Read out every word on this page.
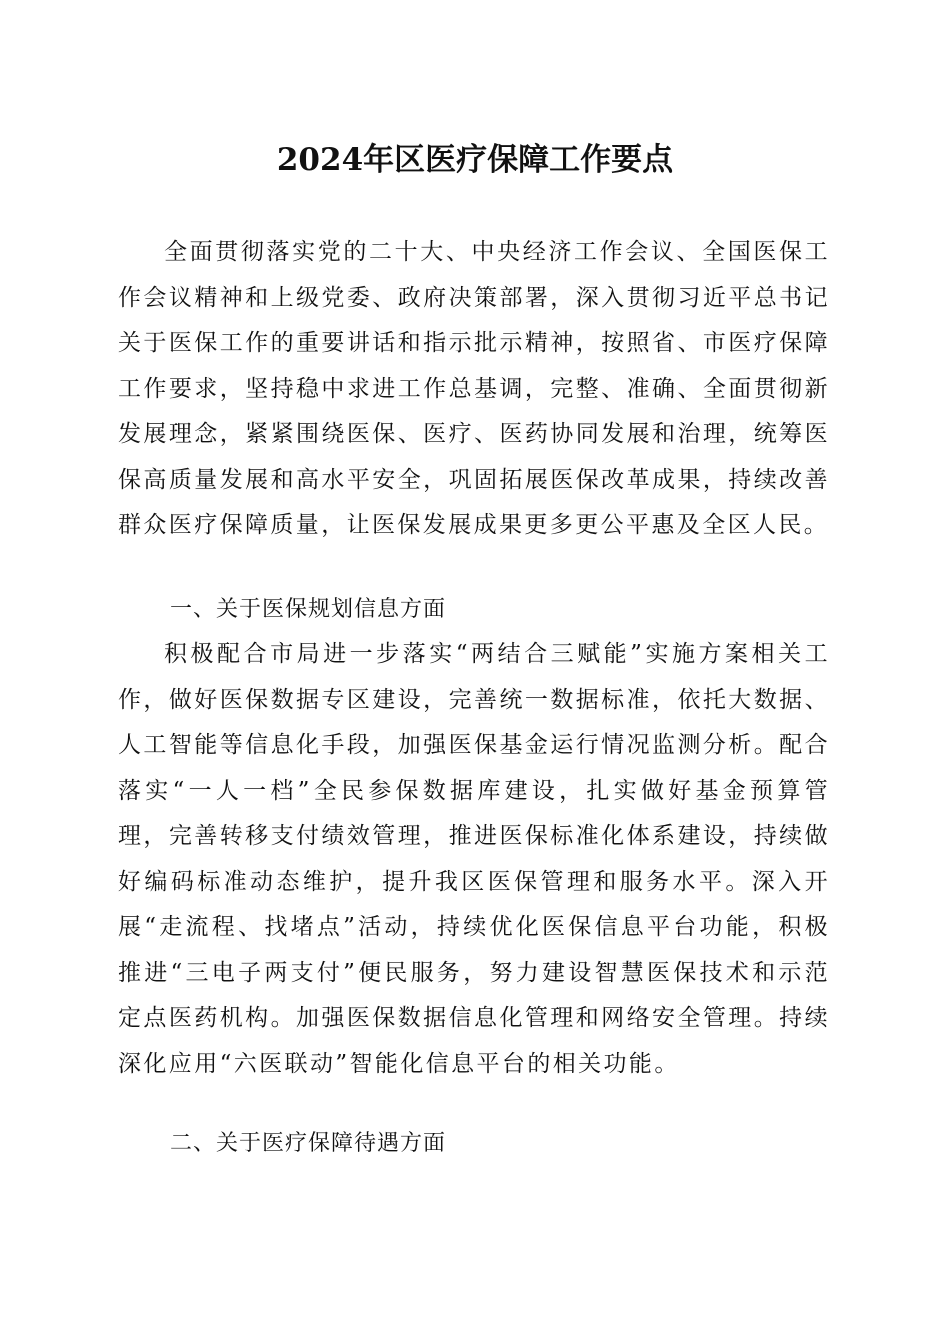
2024年区医疗保障工作要点

全面贯彻落实党的二十大、中央经济工作会议、全国医保工作会议精神和上级党委、政府决策部署，深入贯彻习近平总书记关于医保工作的重要讲话和指示批示精神，按照省、市医疗保障工作要求，坚持稳中求进工作总基调，完整、准确、全面贯彻新发展理念，紧紧围绕医保、医疗、医药协同发展和治理，统筹医保高质量发展和高水平安全，巩固拓展医保改革成果，持续改善群众医疗保障质量，让医保发展成果更多更公平惠及全区人民。

一、关于医保规划信息方面

积极配合市局进一步落实“两结合三赋能”实施方案相关工作，做好医保数据专区建设，完善统一数据标准，依托大数据、人工智能等信息化手段，加强医保基金运行情况监测分析。配合落实“一人一档”全民参保数据库建设，扎实做好基金预算管理，完善转移支付绩效管理，推进医保标准化体系建设，持续做好编码标准动态维护，提升我区医保管理和服务水平。深入开展“走流程、找堵点”活动，持续优化医保信息平台功能，积极推进“三电子两支付”便民服务，努力建设智慧医保技术和示范定点医药机构。加强医保数据信息化管理和网络安全管理。持续深化应用“六医联动”智能化信息平台的相关功能。

二、关于医疗保障待遇方面
